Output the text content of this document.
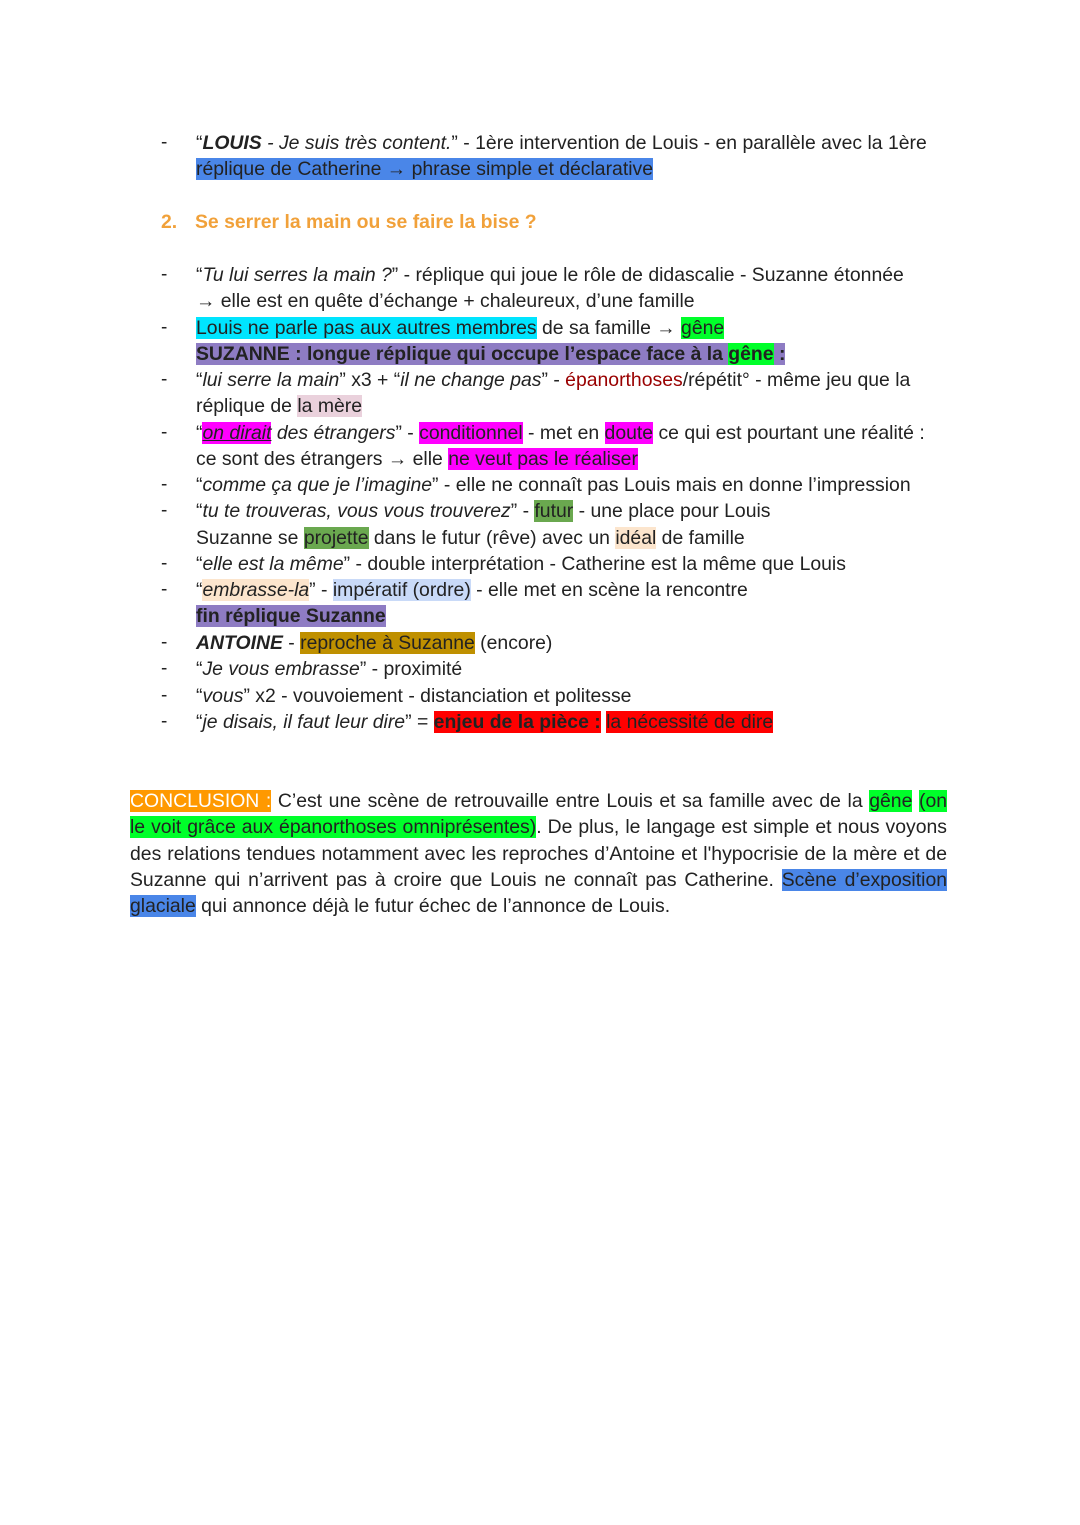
- “LOUIS - Je suis très content.” - 1ère intervention de Louis - en parallèle avec la 1ère
réplique de Catherine → phrase simple et déclarative
2. Se serrer la main ou se faire la bise ?
- “Tu lui serres la main ?” - réplique qui joue le rôle de didascalie - Suzanne étonnée
→ elle est en quête d’échange + chaleureux, d’une famille
- Louis ne parle pas aux autres membres de sa famille → gêne
SUZANNE : longue réplique qui occupe l’espace face à la gêne :
- “lui serre la main” x3 + “il ne change pas” - épanorthoses/répétit° - même jeu que la
réplique de la mère
- “on dirait des étrangers” - conditionnel - met en doute ce qui est pourtant une réalité :
ce sont des étrangers → elle ne veut pas le réaliser
- “comme ça que je l’imagine” - elle ne connaît pas Louis mais en donne l’impression
- “tu te trouveras, vous vous trouverez” - futur - une place pour Louis
Suzanne se projette dans le futur (rêve) avec un idéal de famille
- “elle est la même” - double interprétation - Catherine est la même que Louis
- “embrasse-la” - impératif (ordre) - elle met en scène la rencontre
fin réplique Suzanne
- ANTOINE - reproche à Suzanne (encore)
- “Je vous embrasse” - proximité
- “vous” x2 - vouvoiement - distanciation et politesse
- “je disais, il faut leur dire” = enjeu de la pièce : la nécessité de dire
CONCLUSION : C’est une scène de retrouvaille entre Louis et sa famille avec de la gêne (on le voit grâce aux épanorthoses omniprésentes). De plus, le langage est simple et nous voyons des relations tendues notamment avec les reproches d’Antoine et l'hypocrisie de la mère et de Suzanne qui n’arrivent pas à croire que Louis ne connaît pas Catherine. Scène d’exposition glaciale qui annonce déjà le futur échec de l’annonce de Louis.
